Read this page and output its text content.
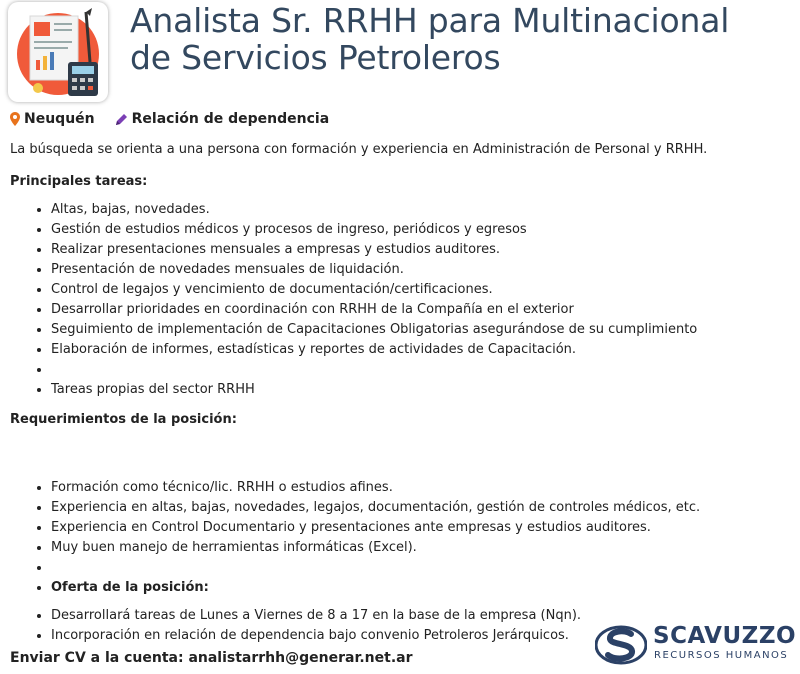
Analista Sr. RRHH para Multinacional
de Servicios Petroleros
Neuquén	Relación de dependencia

La búsqueda se orienta a una persona con formación y experiencia en Administración de Personal y RRHH.

Principales tareas:

• Altas, bajas, novedades.
• Gestión de estudios médicos y procesos de ingreso, periódicos y egresos
• Realizar presentaciones mensuales a empresas y estudios auditores.
• Presentación de novedades mensuales de liquidación.
• Control de legajos y vencimiento de documentación/certificaciones.
• Desarrollar prioridades en coordinación con RRHH de la Compañía en el exterior
• Seguimiento de implementación de Capacitaciones Obligatorias asegurándose de su cumplimiento
• Elaboración de informes, estadísticas y reportes de actividades de Capacitación.
•
• Tareas propias del sector RRHH

Requerimientos de la posición:

• Formación como técnico/lic. RRHH o estudios afines.
• Experiencia en altas, bajas, novedades, legajos, documentación, gestión de controles médicos, etc.
• Experiencia en Control Documentario y presentaciones ante empresas y estudios auditores.
• Muy buen manejo de herramientas informáticas (Excel).
•
• Oferta de la posición:
• Desarrollará tareas de Lunes a Viernes de 8 a 17 en la base de la empresa (Nqn).
• Incorporación en relación de dependencia bajo convenio Petroleros Jerárquicos.

Enviar CV a la cuenta: analistarrhh@generar.net.ar

SCAVUZZO
RECURSOS HUMANOS
